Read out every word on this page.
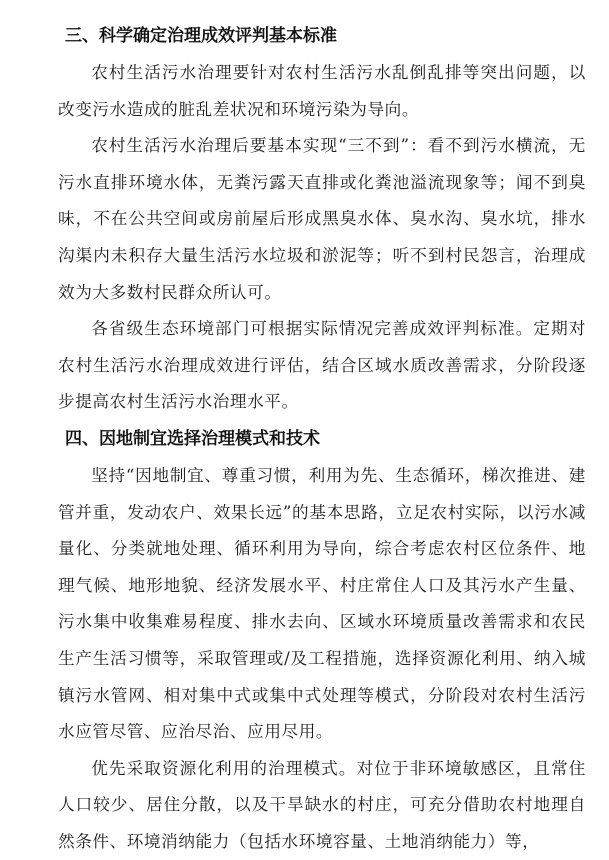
三、科学确定治理成效评判基本标准

农村生活污水治理要针对农村生活污水乱倒乱排等突出问题，以改变污水造成的脏乱差状况和环境污染为导向。

农村生活污水治理后要基本实现“三不到”：看不到污水横流，无污水直排环境水体，无粪污露天直排或化粪池溢流现象等；闻不到臭味，不在公共空间或房前屋后形成黑臭水体、臭水沟、臭水坑，排水沟渠内未积存大量生活污水垃圾和淤泥等；听不到村民怨言，治理成效为大多数村民群众所认可。

各省级生态环境部门可根据实际情况完善成效评判标准。定期对农村生活污水治理成效进行评估，结合区域水质改善需求，分阶段逐步提高农村生活污水治理水平。

四、因地制宜选择治理模式和技术

坚持“因地制宜、尊重习惯，利用为先、生态循环，梯次推进、建管并重，发动农户、效果长远”的基本思路，立足农村实际，以污水减量化、分类就地处理、循环利用为导向，综合考虑农村区位条件、地理气候、地形地貌、经济发展水平、村庄常住人口及其污水产生量、污水集中收集难易程度、排水去向、区域水环境质量改善需求和农民生产生活习惯等，采取管理或/及工程措施，选择资源化利用、纳入城镇污水管网、相对集中式或集中式处理等模式，分阶段对农村生活污水应管尽管、应治尽治、应用尽用。

优先采取资源化利用的治理模式。对位于非环境敏感区，且常住人口较少、居住分散，以及干旱缺水的村庄，可充分借助农村地理自然条件、环境消纳能力（包括水环境容量、土地消纳能力）等，
